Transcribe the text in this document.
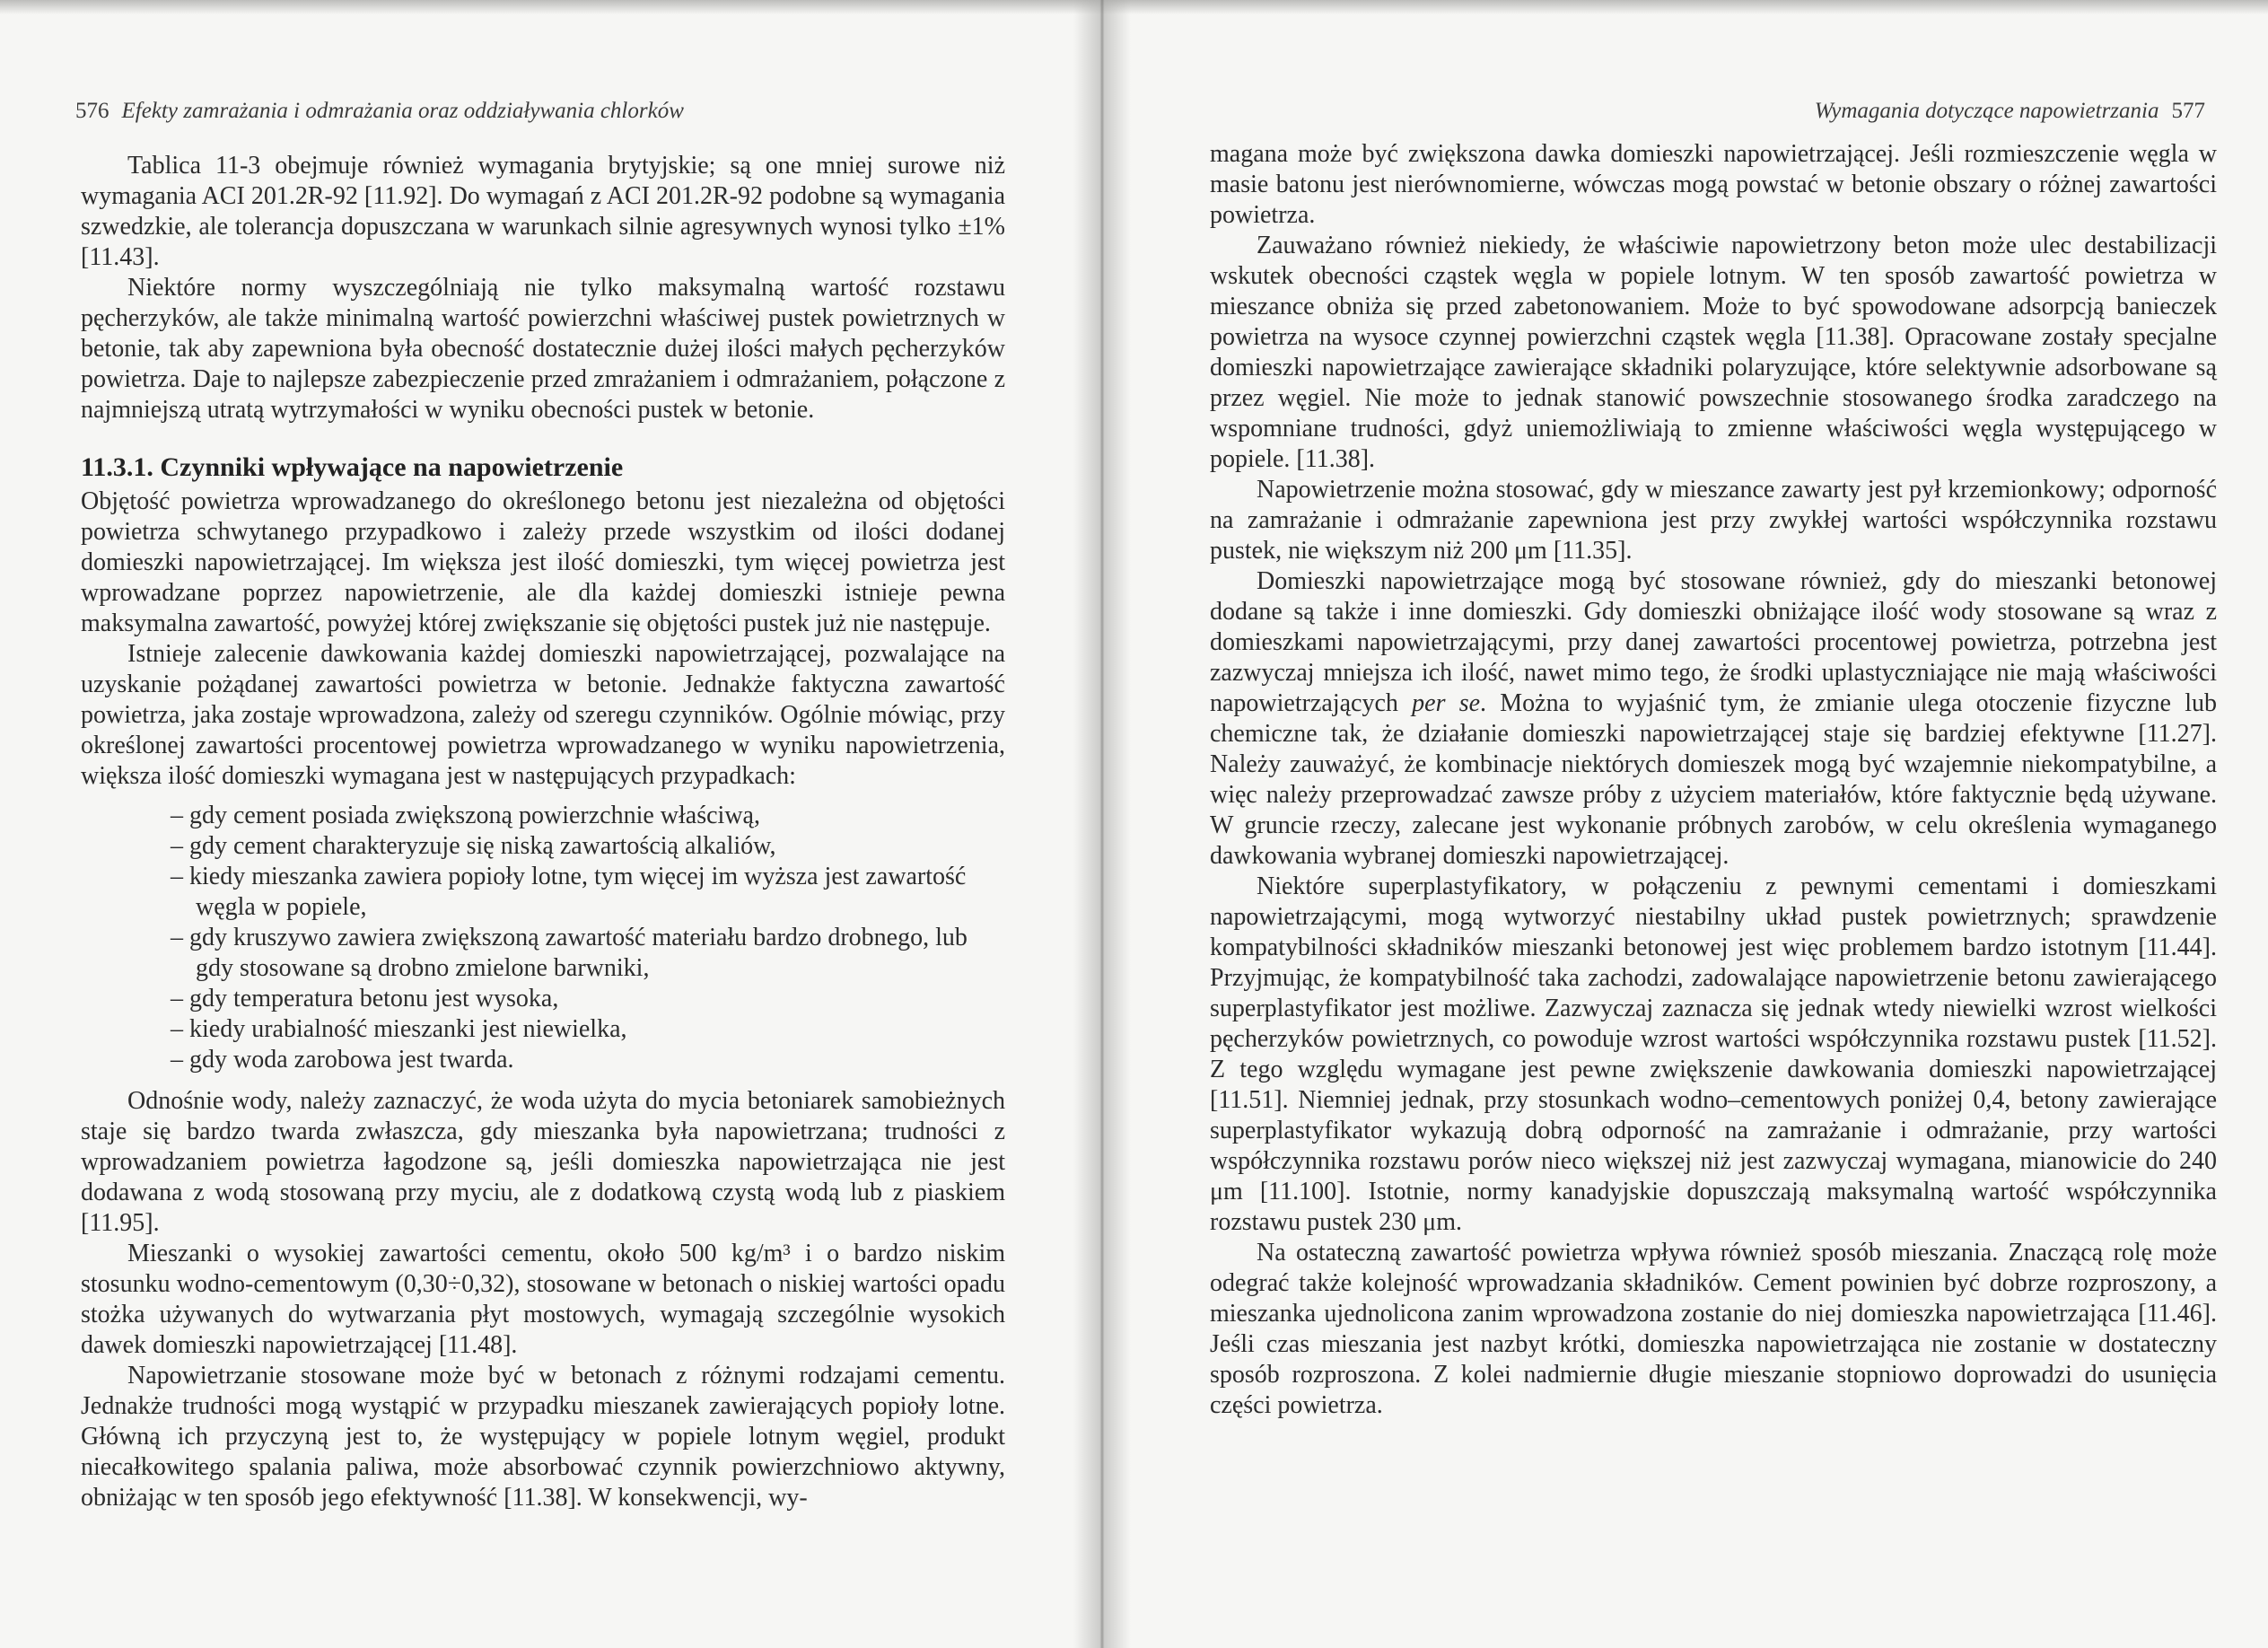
576 Efekty zamrażania i odmrażania oraz oddziaływania chlorków

Tablica 11-3 obejmuje również wymagania brytyjskie; są one mniej surowe niż wymagania ACI 201.2R-92 [11.92]. Do wymagań z ACI 201.2R-92 podobne są wymagania szwedzkie, ale tolerancja dopuszczana w warunkach silnie agresywnych wynosi tylko ±1% [11.43].

Niektóre normy wyszczególniają nie tylko maksymalną wartość rozstawu pęcherzyków, ale także minimalną wartość powierzchni właściwej pustek powietrznych w betonie, tak aby zapewniona była obecność dostatecznie dużej ilości małych pęcherzyków powietrza. Daje to najlepsze zabezpieczenie przed zmrażaniem i odmrażaniem, połączone z najmniejszą utratą wytrzymałości w wyniku obecności pustek w betonie.

11.3.1. Czynniki wpływające na napowietrzenie

Objętość powietrza wprowadzanego do określonego betonu jest niezależna od objętości powietrza schwytanego przypadkowo i zależy przede wszystkim od ilości dodanej domieszki napowietrzającej. Im większa jest ilość domieszki, tym więcej powietrza jest wprowadzane poprzez napowietrzenie, ale dla każdej domieszki istnieje pewna maksymalna zawartość, powyżej której zwiększanie się objętości pustek już nie następuje.

Istnieje zalecenie dawkowania każdej domieszki napowietrzającej, pozwalające na uzyskanie pożądanej zawartości powietrza w betonie. Jednakże faktyczna zawartość powietrza, jaka zostaje wprowadzona, zależy od szeregu czynników. Ogólnie mówiąc, przy określonej zawartości procentowej powietrza wprowadzanego w wyniku napowietrzenia, większa ilość domieszki wymagana jest w następujących przypadkach:

– gdy cement posiada zwiększoną powierzchnie właściwą,
– gdy cement charakteryzuje się niską zawartością alkaliów,
– kiedy mieszanka zawiera popioły lotne, tym więcej im wyższa jest zawartość węgla w popiele,
– gdy kruszywo zawiera zwiększoną zawartość materiału bardzo drobnego, lub gdy stosowane są drobno zmielone barwniki,
– gdy temperatura betonu jest wysoka,
– kiedy urabialność mieszanki jest niewielka,
– gdy woda zarobowa jest twarda.

Odnośnie wody, należy zaznaczyć, że woda użyta do mycia betoniarek samobieżnych staje się bardzo twarda zwłaszcza, gdy mieszanka była napowietrzana; trudności z wprowadzaniem powietrza łagodzone są, jeśli domieszka napowietrzająca nie jest dodawana z wodą stosowaną przy myciu, ale z dodatkową czystą wodą lub z piaskiem [11.95].

Mieszanki o wysokiej zawartości cementu, około 500 kg/m³ i o bardzo niskim stosunku wodno-cementowym (0,30÷0,32), stosowane w betonach o niskiej wartości opadu stożka używanych do wytwarzania płyt mostowych, wymagają szczególnie wysokich dawek domieszki napowietrzającej [11.48].

Napowietrzanie stosowane może być w betonach z różnymi rodzajami cementu. Jednakże trudności mogą wystąpić w przypadku mieszanek zawierających popioły lotne. Główną ich przyczyną jest to, że występujący w popiele lotnym węgiel, produkt niecałkowitego spalania paliwa, może absorbować czynnik powierzchniowo aktywny, obniżając w ten sposób jego efektywność [11.38]. W konsekwencji, wy-

Wymagania dotyczące napowietrzania 577

magana może być zwiększona dawka domieszki napowietrzającej. Jeśli rozmieszczenie węgla w masie batonu jest nierównomierne, wówczas mogą powstać w betonie obszary o różnej zawartości powietrza.

Zauważano również niekiedy, że właściwie napowietrzony beton może ulec destabilizacji wskutek obecności cząstek węgla w popiele lotnym. W ten sposób zawartość powietrza w mieszance obniża się przed zabetonowaniem. Może to być spowodowane adsorpcją banieczek powietrza na wysoce czynnej powierzchni cząstek węgla [11.38]. Opracowane zostały specjalne domieszki napowietrzające zawierające składniki polaryzujące, które selektywnie adsorbowane są przez węgiel. Nie może to jednak stanowić powszechnie stosowanego środka zaradczego na wspomniane trudności, gdyż uniemożliwiają to zmienne właściwości węgla występującego w popiele. [11.38].

Napowietrzenie można stosować, gdy w mieszance zawarty jest pył krzemionkowy; odporność na zamrażanie i odmrażanie zapewniona jest przy zwykłej wartości współczynnika rozstawu pustek, nie większym niż 200 μm [11.35].

Domieszki napowietrzające mogą być stosowane również, gdy do mieszanki betonowej dodane są także i inne domieszki. Gdy domieszki obniżające ilość wody stosowane są wraz z domieszkami napowietrzającymi, przy danej zawartości procentowej powietrza, potrzebna jest zazwyczaj mniejsza ich ilość, nawet mimo tego, że środki uplastyczniające nie mają właściwości napowietrzających per se. Można to wyjaśnić tym, że zmianie ulega otoczenie fizyczne lub chemiczne tak, że działanie domieszki napowietrzającej staje się bardziej efektywne [11.27]. Należy zauważyć, że kombinacje niektórych domieszek mogą być wzajemnie niekompatybilne, a więc należy przeprowadzać zawsze próby z użyciem materiałów, które faktycznie będą używane. W gruncie rzeczy, zalecane jest wykonanie próbnych zarobów, w celu określenia wymaganego dawkowania wybranej domieszki napowietrzającej.

Niektóre superplastyfikatory, w połączeniu z pewnymi cementami i domieszkami napowietrzającymi, mogą wytworzyć niestabilny układ pustek powietrznych; sprawdzenie kompatybilności składników mieszanki betonowej jest więc problemem bardzo istotnym [11.44]. Przyjmując, że kompatybilność taka zachodzi, zadowalające napowietrzenie betonu zawierającego superplastyfikator jest możliwe. Zazwyczaj zaznacza się jednak wtedy niewielki wzrost wielkości pęcherzyków powietrznych, co powoduje wzrost wartości współczynnika rozstawu pustek [11.52]. Z tego względu wymagane jest pewne zwiększenie dawkowania domieszki napowietrzającej [11.51]. Niemniej jednak, przy stosunkach wodno–cementowych poniżej 0,4, betony zawierające superplastyfikator wykazują dobrą odporność na zamrażanie i odmrażanie, przy wartości współczynnika rozstawu porów nieco większej niż jest zazwyczaj wymagana, mianowicie do 240 μm [11.100]. Istotnie, normy kanadyjskie dopuszczają maksymalną wartość współczynnika rozstawu pustek 230 μm.

Na ostateczną zawartość powietrza wpływa również sposób mieszania. Znaczącą rolę może odegrać także kolejność wprowadzania składników. Cement powinien być dobrze rozproszony, a mieszanka ujednolicona zanim wprowadzona zostanie do niej domieszka napowietrzająca [11.46]. Jeśli czas mieszania jest nazbyt krótki, domieszka napowietrzająca nie zostanie w dostateczny sposób rozproszona. Z kolei nadmiernie długie mieszanie stopniowo doprowadzi do usunięcia części powietrza.
